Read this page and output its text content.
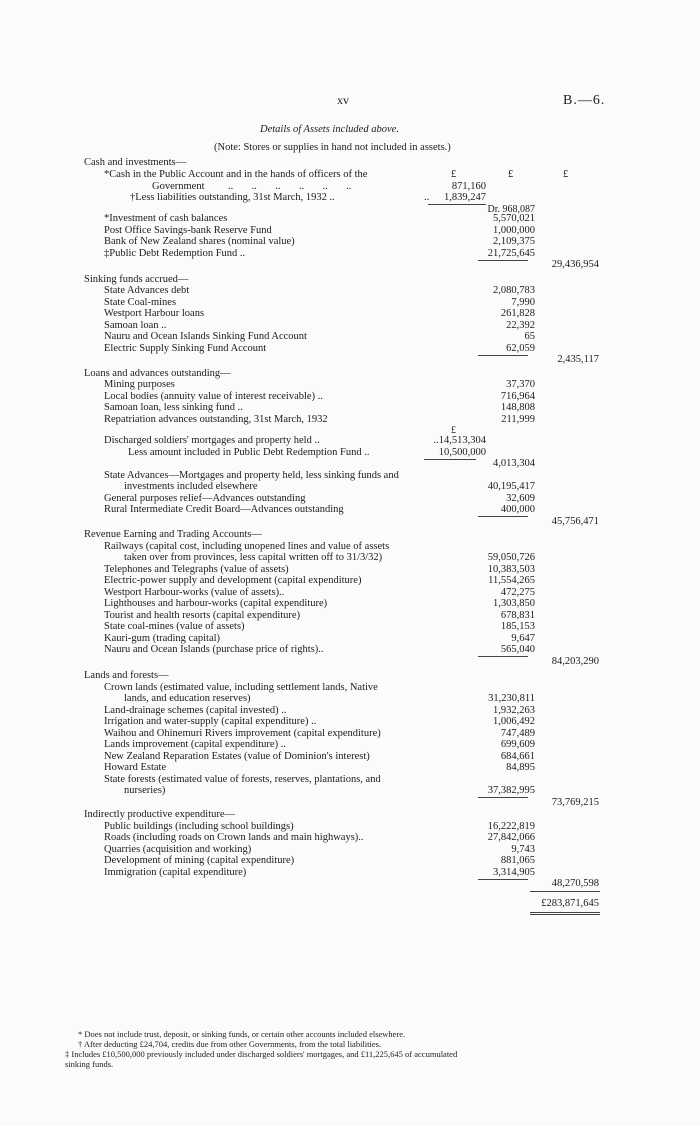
xv	B.—6.
Details of Assets included above.
(Note: Stores or supplies in hand not included in assets.)
Cash and investments—
*Cash in the Public Account and in the hands of officers of the	£	£	£
Government ..       ..       ..       ..       ..       ..	871,160
†Less liabilities outstanding, 31st March, 1932 ..	.. 1,839,247
Dr. 968,087
*Investment of cash balances	5,570,021
Post Office Savings-bank Reserve Fund	1,000,000
Bank of New Zealand shares (nominal value)	2,109,375
‡Public Debt Redemption Fund ..	21,725,645
29,436,954
Sinking funds accrued—
State Advances debt	2,080,783
State Coal-mines	7,990
Westport Harbour loans	261,828
Samoan loan ..	22,392
Nauru and Ocean Islands Sinking Fund Account	65
Electric Supply Sinking Fund Account	62,059
2,435,117
Loans and advances outstanding—
Mining purposes	37,370
Local bodies (annuity value of interest receivable) ..	716,964
Samoan loan, less sinking fund ..	148,808
Repatriation advances outstanding, 31st March, 1932	211,999
£
Discharged soldiers' mortgages and property held ..	..14,513,304
Less amount included in Public Debt Redemption Fund ..	10,500,000
4,013,304
State Advances—Mortgages and property held, less sinking funds and
investments included elsewhere	40,195,417
General purposes relief—Advances outstanding	32,609
Rural Intermediate Credit Board—Advances outstanding	400,000
45,756,471
Revenue Earning and Trading Accounts—
Railways (capital cost, including unopened lines and value of assets
taken over from provinces, less capital written off to 31/3/32)	59,050,726
Telephones and Telegraphs (value of assets)	10,383,503
Electric-power supply and development (capital expenditure)	11,554,265
Westport Harbour-works (value of assets)..	472,275
Lighthouses and harbour-works (capital expenditure)	1,303,850
Tourist and health resorts (capital expenditure)	678,831
State coal-mines (value of assets)	185,153
Kauri-gum (trading capital)	9,647
Nauru and Ocean Islands (purchase price of rights)..	565,040
84,203,290
Lands and forests—
Crown lands (estimated value, including settlement lands, Native
lands, and education reserves)	31,230,811
Land-drainage schemes (capital invested) ..	1,932,263
Irrigation and water-supply (capital expenditure) ..	1,006,492
Waihou and Ohinemuri Rivers improvement (capital expenditure)	747,489
Lands improvement (capital expenditure) ..	699,609
New Zealand Reparation Estates (value of Dominion's interest)	684,661
Howard Estate	84,895
State forests (estimated value of forests, reserves, plantations, and
nurseries)	37,382,995
73,769,215
Indirectly productive expenditure—
Public buildings (including school buildings)	16,222,819
Roads (including roads on Crown lands and main highways)..	27,842,066
Quarries (acquisition and working)	9,743
Development of mining (capital expenditure)	881,065
Immigration (capital expenditure)	3,314,905
48,270,598
£283,871,645
* Does not include trust, deposit, or sinking funds, or certain other accounts included elsewhere.
† After deducting £24,704, credits due from other Governments, from the total liabilities.
‡ Includes £10,500,000 previously included under discharged soldiers' mortgages, and £11,225,645 of accumulated
sinking funds.
